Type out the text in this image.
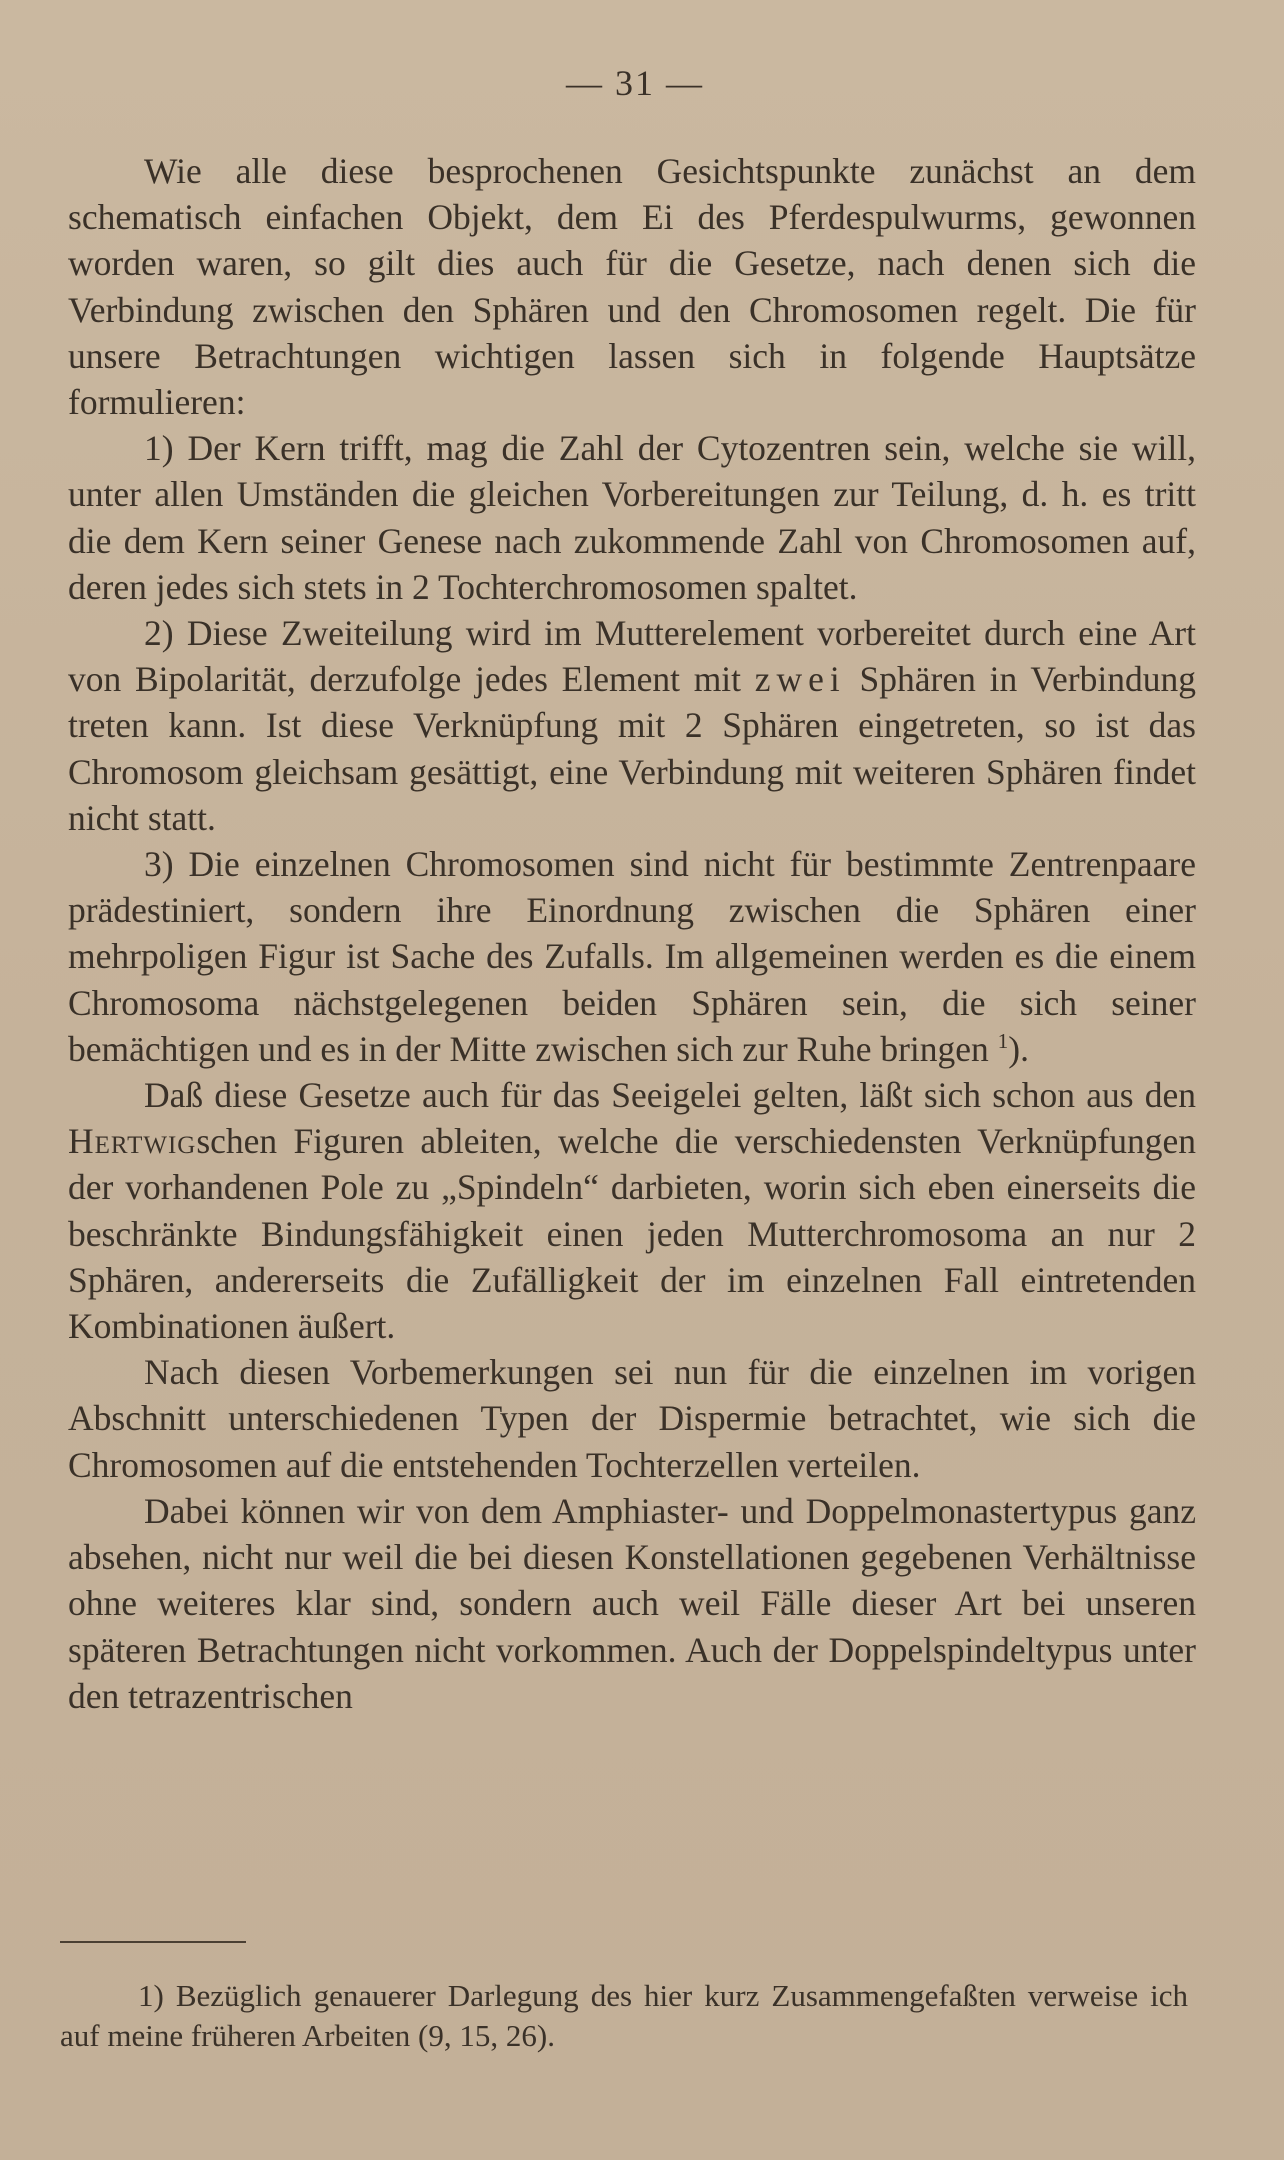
— 31 —

Wie alle diese besprochenen Gesichtspunkte zunächst an dem schematisch einfachen Objekt, dem Ei des Pferdespulwurms, gewonnen worden waren, so gilt dies auch für die Gesetze, nach denen sich die Verbindung zwischen den Sphären und den Chromosomen regelt. Die für unsere Betrachtungen wichtigen lassen sich in folgende Hauptsätze formulieren:

1) Der Kern trifft, mag die Zahl der Cytozentren sein, welche sie will, unter allen Umständen die gleichen Vorbereitungen zur Teilung, d. h. es tritt die dem Kern seiner Genese nach zukommende Zahl von Chromosomen auf, deren jedes sich stets in 2 Tochterchromosomen spaltet.

2) Diese Zweiteilung wird im Mutterelement vorbereitet durch eine Art von Bipolarität, derzufolge jedes Element mit zwei Sphären in Verbindung treten kann. Ist diese Verknüpfung mit 2 Sphären eingetreten, so ist das Chromosom gleichsam gesättigt, eine Verbindung mit weiteren Sphären findet nicht statt.

3) Die einzelnen Chromosomen sind nicht für bestimmte Zentrenpaare prädestiniert, sondern ihre Einordnung zwischen die Sphären einer mehrpoligen Figur ist Sache des Zufalls. Im allgemeinen werden es die einem Chromosoma nächstgelegenen beiden Sphären sein, die sich seiner bemächtigen und es in der Mitte zwischen sich zur Ruhe bringen $^1$).

Daß diese Gesetze auch für das Seeigelei gelten, läßt sich schon aus den Hertwigschen Figuren ableiten, welche die verschiedensten Verknüpfungen der vorhandenen Pole zu „Spindeln“ darbieten, worin sich eben einerseits die beschränkte Bindungsfähigkeit einen jeden Mutterchromosoma an nur 2 Sphären, andererseits die Zufälligkeit der im einzelnen Fall eintretenden Kombinationen äußert.

Nach diesen Vorbemerkungen sei nun für die einzelnen im vorigen Abschnitt unterschiedenen Typen der Dispermie betrachtet, wie sich die Chromosomen auf die entstehenden Tochterzellen verteilen.

Dabei können wir von dem Amphiaster- und Doppelmonastertypus ganz absehen, nicht nur weil die bei diesen Konstellationen gegebenen Verhältnisse ohne weiteres klar sind, sondern auch weil Fälle dieser Art bei unseren späteren Betrachtungen nicht vorkommen. Auch der Doppelspindeltypus unter den tetrazentrischen

1) Bezüglich genauerer Darlegung des hier kurz Zusammengefaßten verweise ich auf meine früheren Arbeiten (9, 15, 26).
